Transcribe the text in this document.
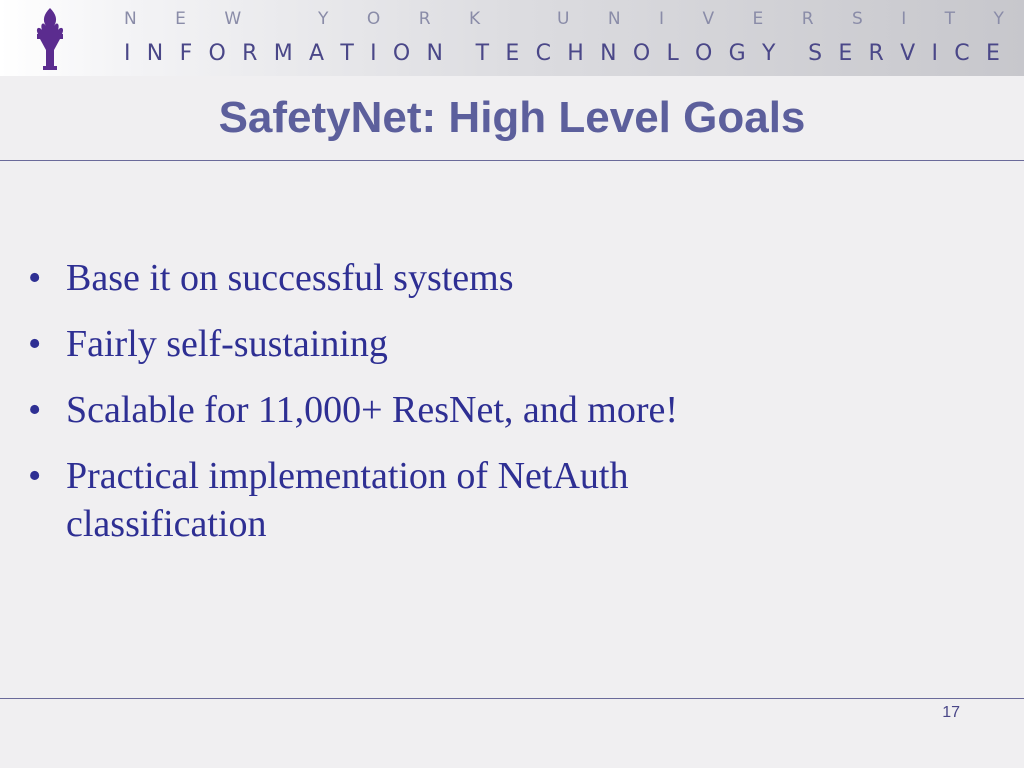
N E W	Y O R K	U N I V E R S I T Y
I N F O R M A T I O N T E C H N O L O G Y S E R V I C E
SafetyNet: High Level Goals
• Base it on successful systems
• Fairly self-sustaining
• Scalable for 11,000+ ResNet, and more!
• Practical implementation of NetAuth classification
17
